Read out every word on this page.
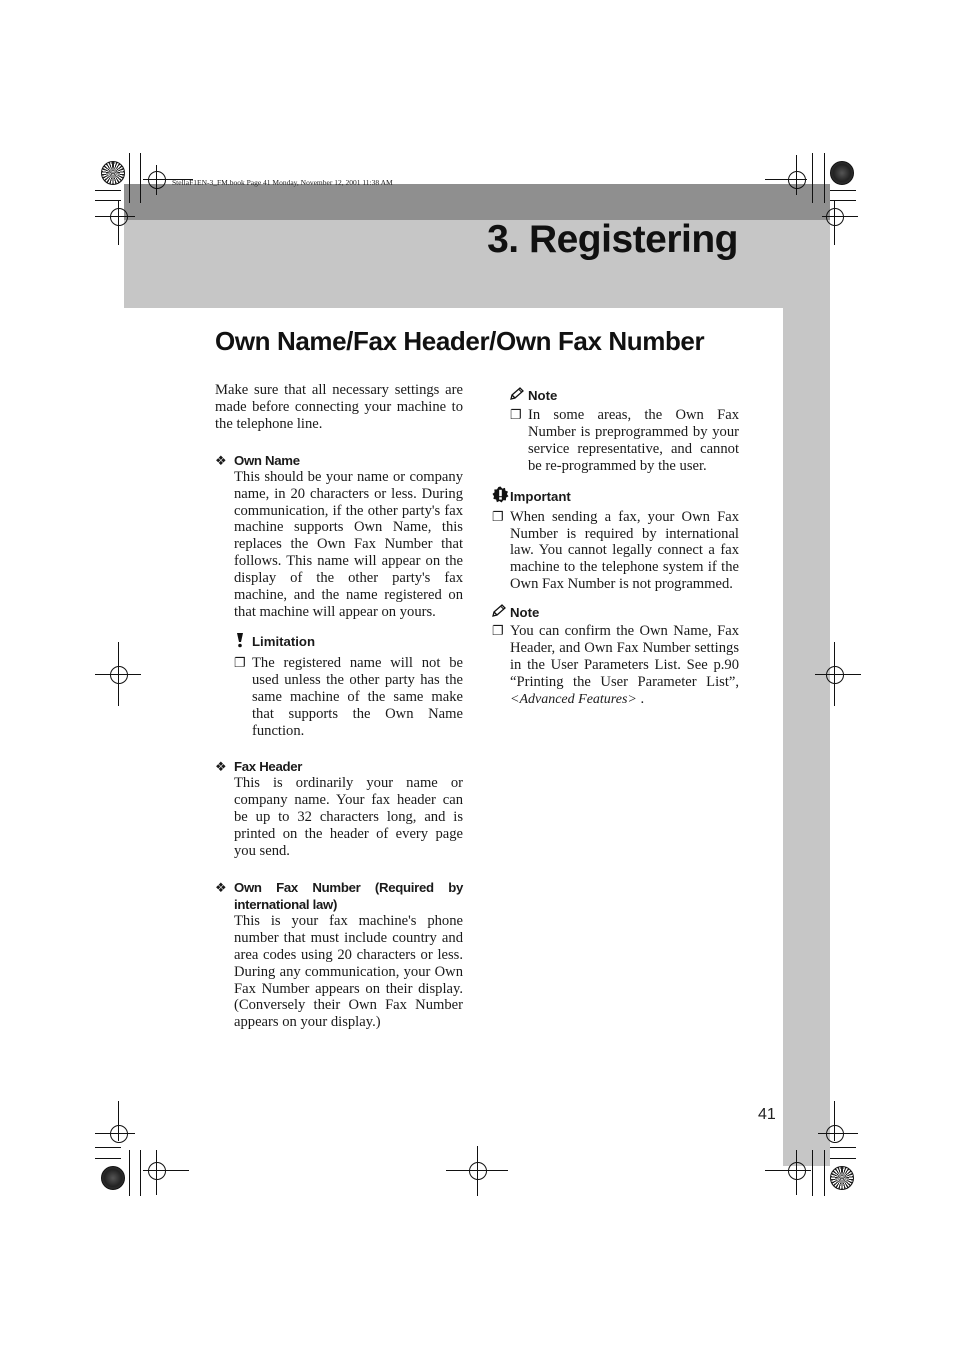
StellaF1EN-3_FM.book Page 41 Monday, November 12, 2001 11:38 AM
3. Registering
Own Name/Fax Header/Own Fax Number

Make sure that all necessary settings are made before connecting your machine to the telephone line.

❖ Own Name

This should be your name or company name, in 20 characters or less. During communication, if the other party's fax machine supports Own Name, this replaces the Own Fax Number that follows. This name will appear on the display of the other party's fax machine, and the name registered on that machine will appear on yours.

Limitation
❐ The registered name will not be used unless the other party has the same machine of the same make that supports the Own Name function.

❖ Fax Header

This is ordinarily your name or company name. Your fax header can be up to 32 characters long, and is printed on the header of every page you send.

❖ Own Fax Number (Required by international law)

This is your fax machine's phone number that must include country and area codes using 20 characters or less. During any communication, your Own Fax Number appears on their display. (Conversely their Own Fax Number appears on your display.)

Note
❐ In some areas, the Own Fax Number is preprogrammed by your service representative, and cannot be re-programmed by the user.

Important
❐ When sending a fax, your Own Fax Number is required by international law. You cannot legally connect a fax machine to the telephone system if the Own Fax Number is not programmed.

Note
❐ You can confirm the Own Name, Fax Header, and Own Fax Number settings in the User Parameters List. See p.90 “Printing the User Parameter List”, <Advanced Features> .

41
